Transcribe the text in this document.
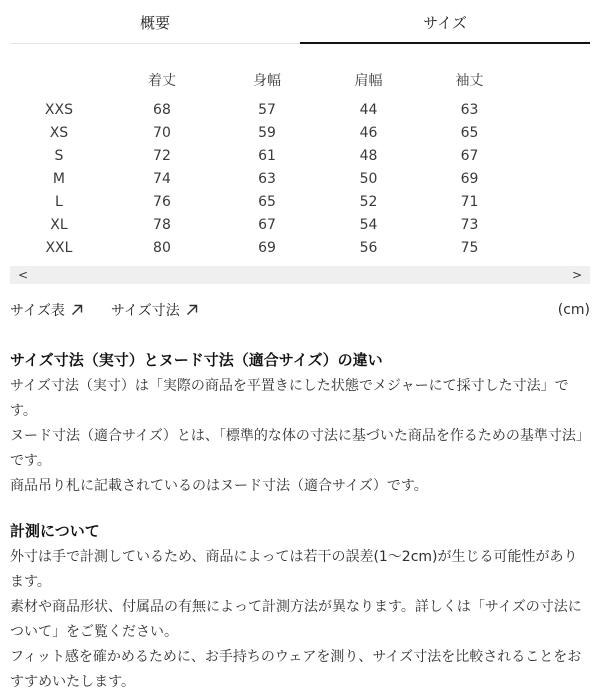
概要	サイズ
	着丈	身幅	肩幅	袖丈
XXS	68	57	44	63
XS	70	59	46	65
S	72	61	48	67
M	74	63	50	69
L	76	65	52	71
XL	78	67	54	73
XXL	80	69	56	75
<	>
サイズ表	サイズ寸法	(cm)
サイズ寸法（実寸）とヌード寸法（適合サイズ）の違い

サイズ寸法（実寸）は「実際の商品を平置きにした状態でメジャーにて採寸した寸法」です。

ヌード寸法（適合サイズ）とは、「標準的な体の寸法に基づいた商品を作るための基準寸法」です。

商品吊り札に記載されているのはヌード寸法（適合サイズ）です。

計測について

外寸は手で計測しているため、商品によっては若干の誤差(1～2cm)が生じる可能性があります。

素材や商品形状、付属品の有無によって計測方法が異なります。詳しくは「サイズの寸法について」をご覧ください。

フィット感を確かめるために、お手持ちのウェアを測り、サイズ寸法を比較されることをおすすめいたします。
